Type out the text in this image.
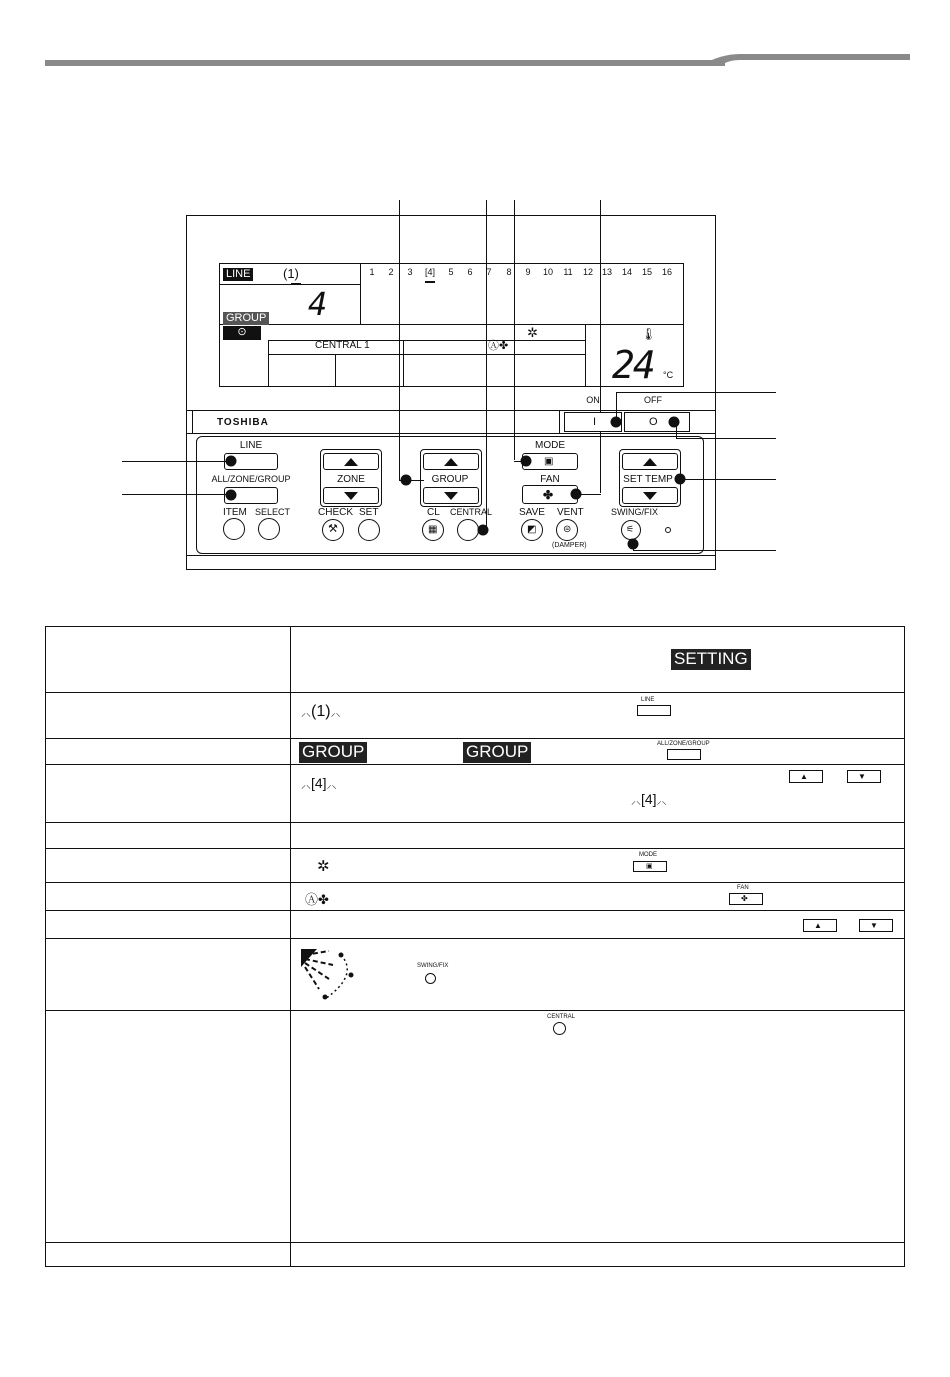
LINE	(1)
4
GROUP
⊙
1 2 3 [4] 5 6 7 8 9 10 11 12 13 14 15 16
CENTRAL 1	Ⓐ✤
✲	🌡︎
24 °C
TOSHIBA
ON	OFF
I	O
LINE
ALL/ZONE/GROUP
ITEM SELECT
ZONE
CHECK SET
⚒
GROUP
CL CENTRAL
▦
MODE
▣
FAN
✤
SAVE VENT
◩	⊜
(DAMPER)
SET TEMP
SWING/FIX
⚟

	SETTING

	⸝⸜(1)⸝⸜
LINE

	GROUP GROUP ALL/ZONE/GROUP

	⸝⸜[4]⸝⸜
⸝⸜[4]⸝⸜
▲ ▼

	✲
MODE
▣

	Ⓐ✤
FAN
✤

	▲ ▼

	SWING/FIX

	CENTRAL
